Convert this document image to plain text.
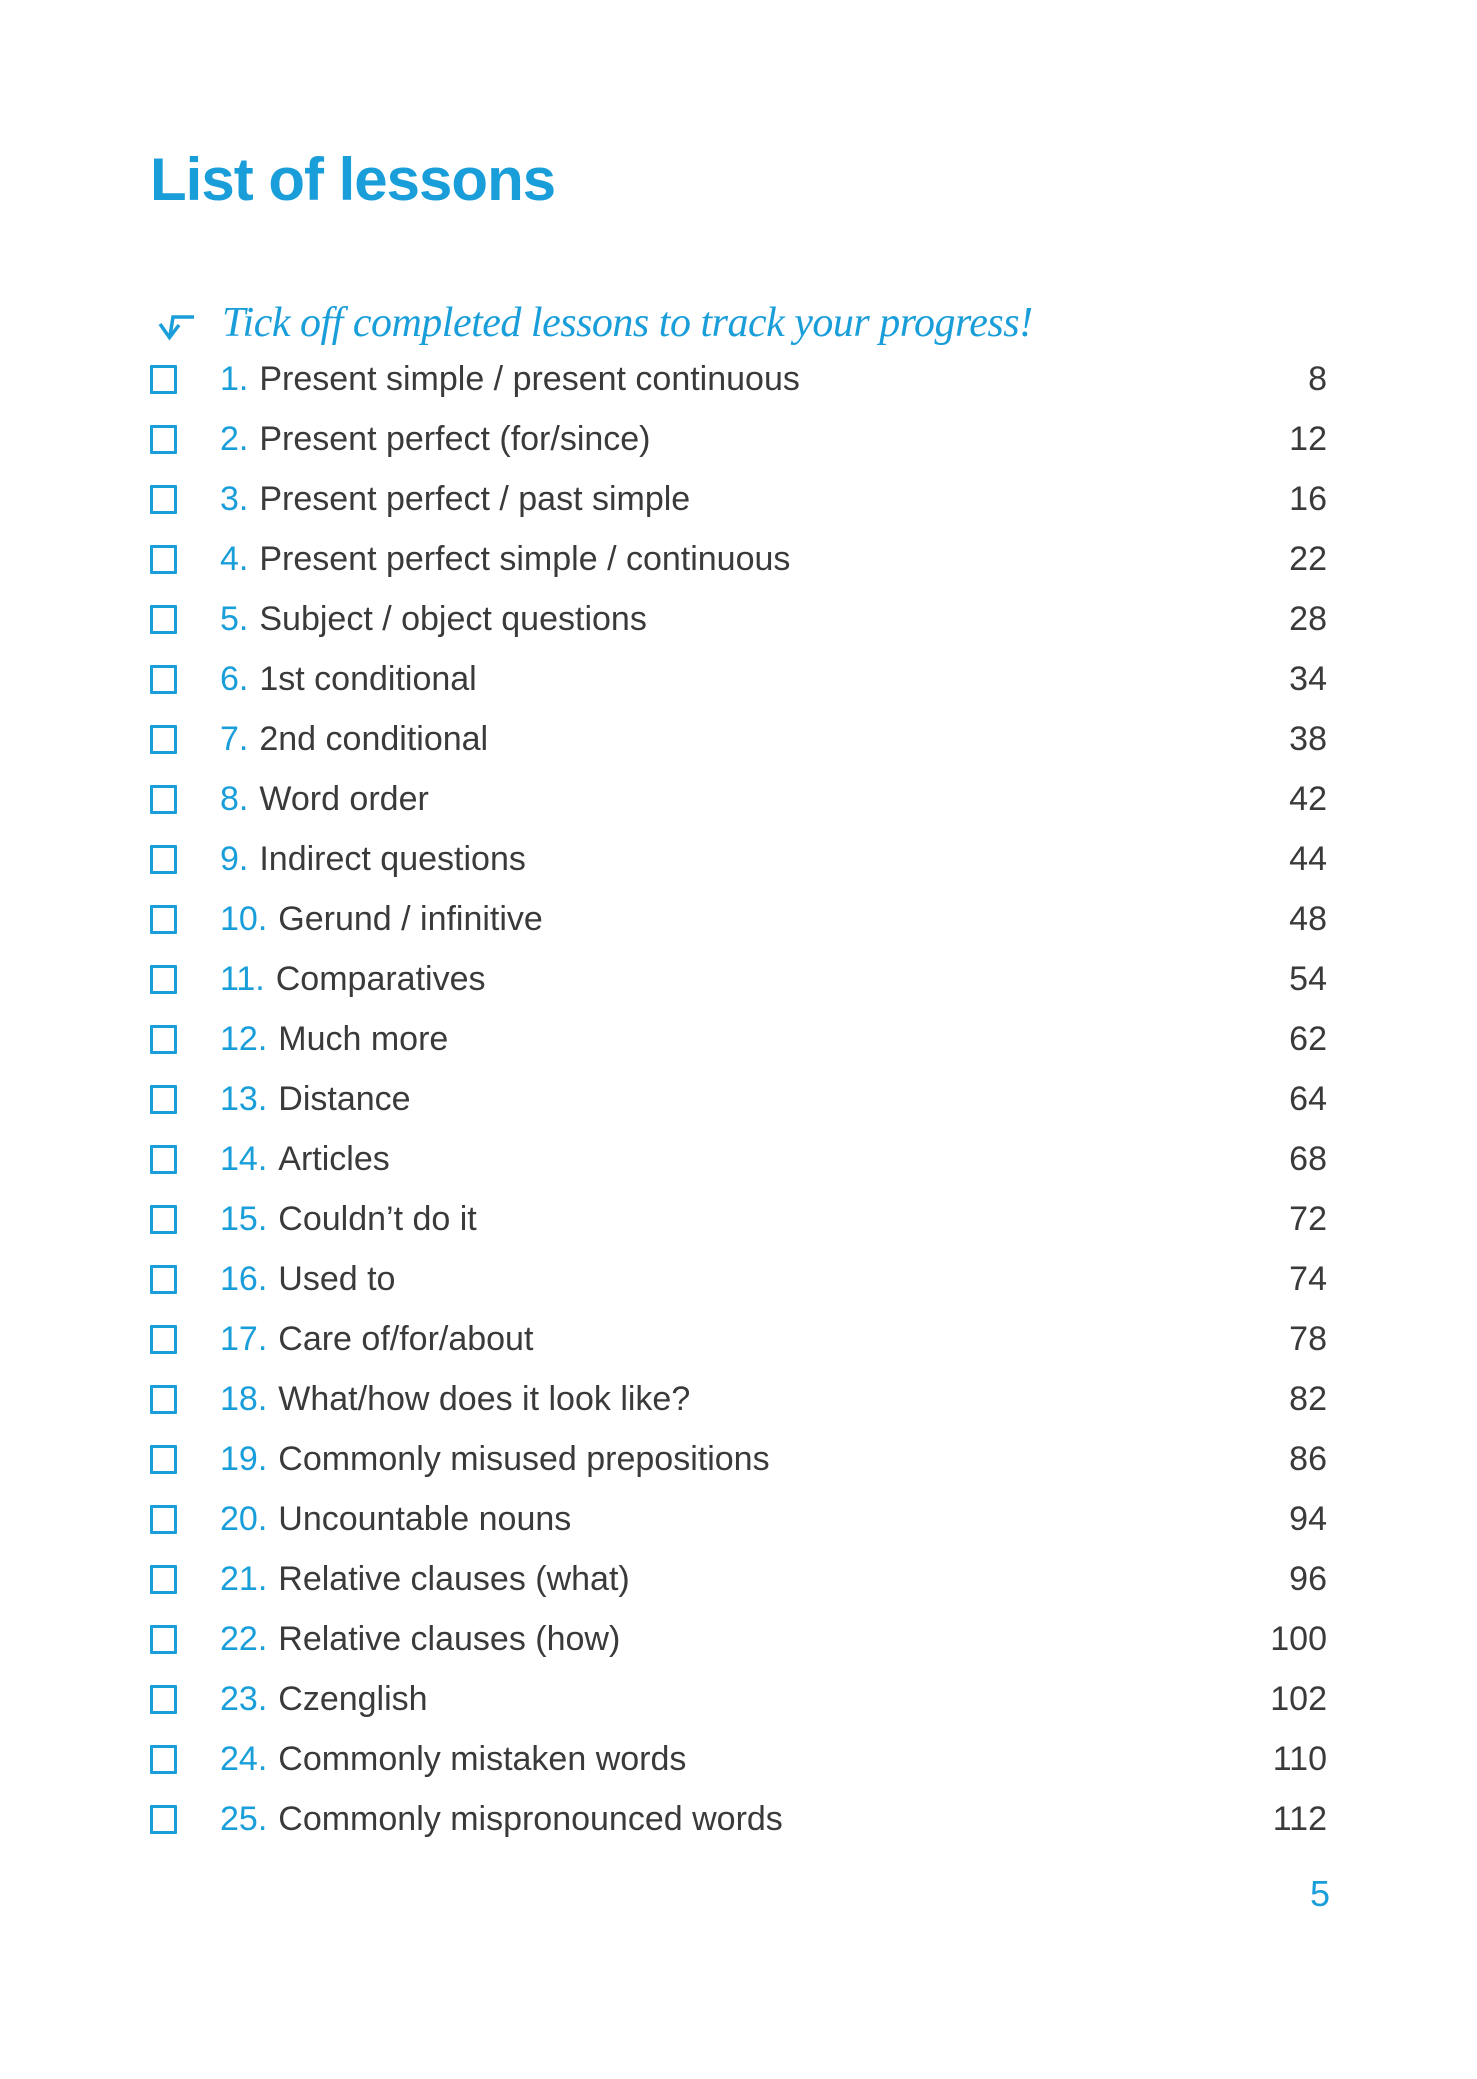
List of lessons
Tick off completed lessons to track your progress!
1. Present simple / present continuous	8
2. Present perfect (for/since)	12
3. Present perfect / past simple	16
4. Present perfect simple / continuous	22
5. Subject / object questions	28
6. 1st conditional	34
7. 2nd conditional	38
8. Word order	42
9. Indirect questions	44
10. Gerund / infinitive	48
11. Comparatives	54
12. Much more	62
13. Distance	64
14. Articles	68
15. Couldn’t do it	72
16. Used to	74
17. Care of/for/about	78
18. What/how does it look like?	82
19. Commonly misused prepositions	86
20. Uncountable nouns	94
21. Relative clauses (what)	96
22. Relative clauses (how)	100
23. Czenglish	102
24. Commonly mistaken words	110
25. Commonly mispronounced words	112
5
